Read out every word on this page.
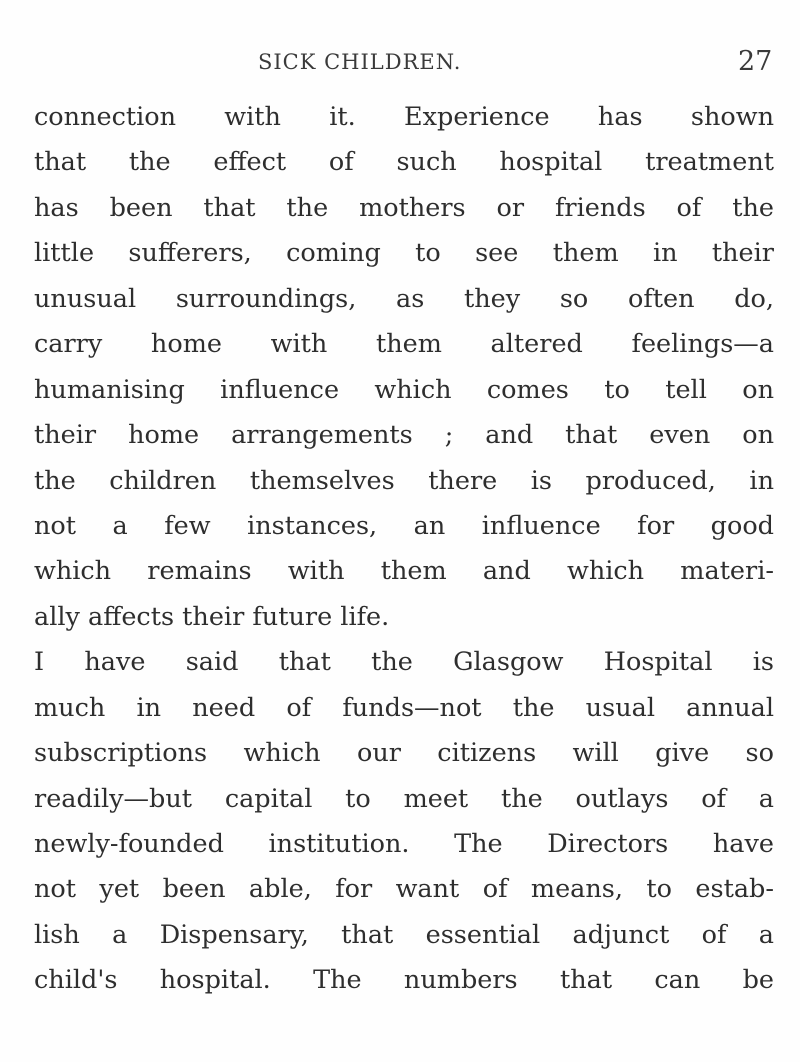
SICK CHILDREN.	27
connection with it. Experience has shown
that the effect of such hospital treatment
has been that the mothers or friends of the
little sufferers, coming to see them in their
unusual surroundings, as they so often do,
carry home with them altered feelings—a
humanising influence which comes to tell on
their home arrangements ; and that even on
the children themselves there is produced, in
not a few instances, an influence for good
which remains with them and which materi-
ally affects their future life.
I have said that the Glasgow Hospital is
much in need of funds—not the usual annual
subscriptions which our citizens will give so
readily—but capital to meet the outlays of a
newly-founded institution. The Directors have
not yet been able, for want of means, to estab-
lish a Dispensary, that essential adjunct of a
child's hospital. The numbers that can be
